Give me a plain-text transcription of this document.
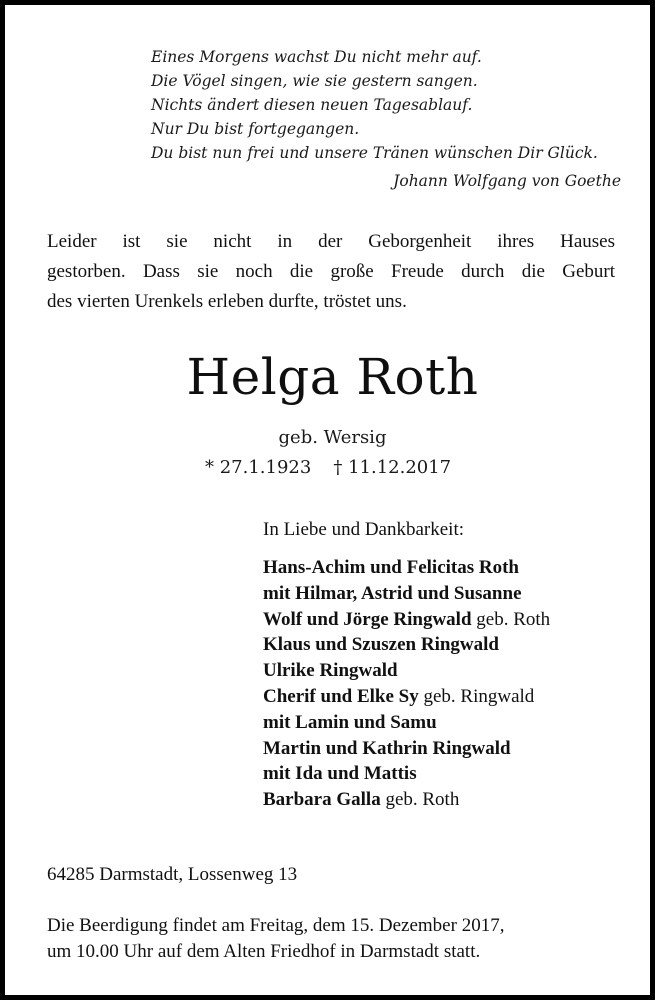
Eines Morgens wachst Du nicht mehr auf.
Die Vögel singen, wie sie gestern sangen.
Nichts ändert diesen neuen Tagesablauf.
Nur Du bist fortgegangen.
Du bist nun frei und unsere Tränen wünschen Dir Glück.
Johann Wolfgang von Goethe
Leider ist sie nicht in der Geborgenheit ihres Hauses
gestorben. Dass sie noch die große Freude durch die Geburt
des vierten Urenkels erleben durfte, tröstet uns.
Helga Roth
geb. Wersig
* 27.1.1923 † 11.12.2017
In Liebe und Dankbarkeit:
Hans-Achim und Felicitas Roth
mit Hilmar, Astrid und Susanne
Wolf und Jörge Ringwald geb. Roth
Klaus und Szuszen Ringwald
Ulrike Ringwald
Cherif und Elke Sy geb. Ringwald
mit Lamin und Samu
Martin und Kathrin Ringwald
mit Ida und Mattis
Barbara Galla geb. Roth
64285 Darmstadt, Lossenweg 13
Die Beerdigung findet am Freitag, dem 15. Dezember 2017,
um 10.00 Uhr auf dem Alten Friedhof in Darmstadt statt.
